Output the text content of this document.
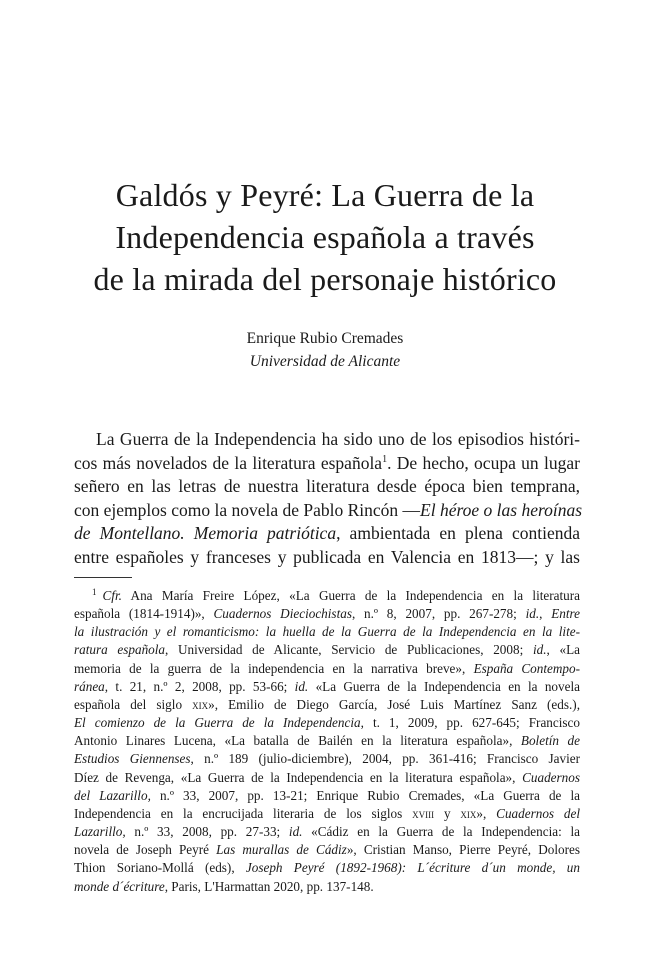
Galdós y Peyré: La Guerra de la
Independencia española a través
de la mirada del personaje histórico
Enrique Rubio Cremades
Universidad de Alicante

La Guerra de la Independencia ha sido uno de los episodios históri-
cos más novelados de la literatura española$^1$. De hecho, ocupa un lugar
señero en las letras de nuestra literatura desde época bien temprana,
con ejemplos como la novela de Pablo Rincón —El héroe o las heroínas
de Montellano. Memoria patriótica, ambientada en plena contienda
entre españoles y franceses y publicada en Valencia en 1813—; y las

$^1$ Cfr. Ana María Freire López, «La Guerra de la Independencia en la literatura
española (1814-1914)», Cuadernos Dieciochistas, n.º 8, 2007, pp. 267-278; id., Entre
la ilustración y el romanticismo: la huella de la Guerra de la Independencia en la lite-
ratura española, Universidad de Alicante, Servicio de Publicaciones, 2008; id., «La
memoria de la guerra de la independencia en la narrativa breve», España Contempo-
ránea, t. 21, n.º 2, 2008, pp. 53-66; id. «La Guerra de la Independencia en la novela
española del siglo xix», Emilio de Diego García, José Luis Martínez Sanz (eds.),
El comienzo de la Guerra de la Independencia, t. 1, 2009, pp. 627-645; Francisco
Antonio Linares Lucena, «La batalla de Bailén en la literatura española», Boletín de
Estudios Giennenses, n.º 189 (julio-diciembre), 2004, pp. 361-416; Francisco Javier
Díez de Revenga, «La Guerra de la Independencia en la literatura española», Cuadernos
del Lazarillo, n.º 33, 2007, pp. 13-21; Enrique Rubio Cremades, «La Guerra de la
Independencia en la encrucijada literaria de los siglos xviii y xix», Cuadernos del
Lazarillo, n.º 33, 2008, pp. 27-33; id. «Cádiz en la Guerra de la Independencia: la
novela de Joseph Peyré Las murallas de Cádiz», Cristian Manso, Pierre Peyré, Dolores
Thion Soriano-Mollá (eds), Joseph Peyré (1892-1968): L´écriture d´un monde, un
monde d´écriture, Paris, L'Harmattan 2020, pp. 137-148.
